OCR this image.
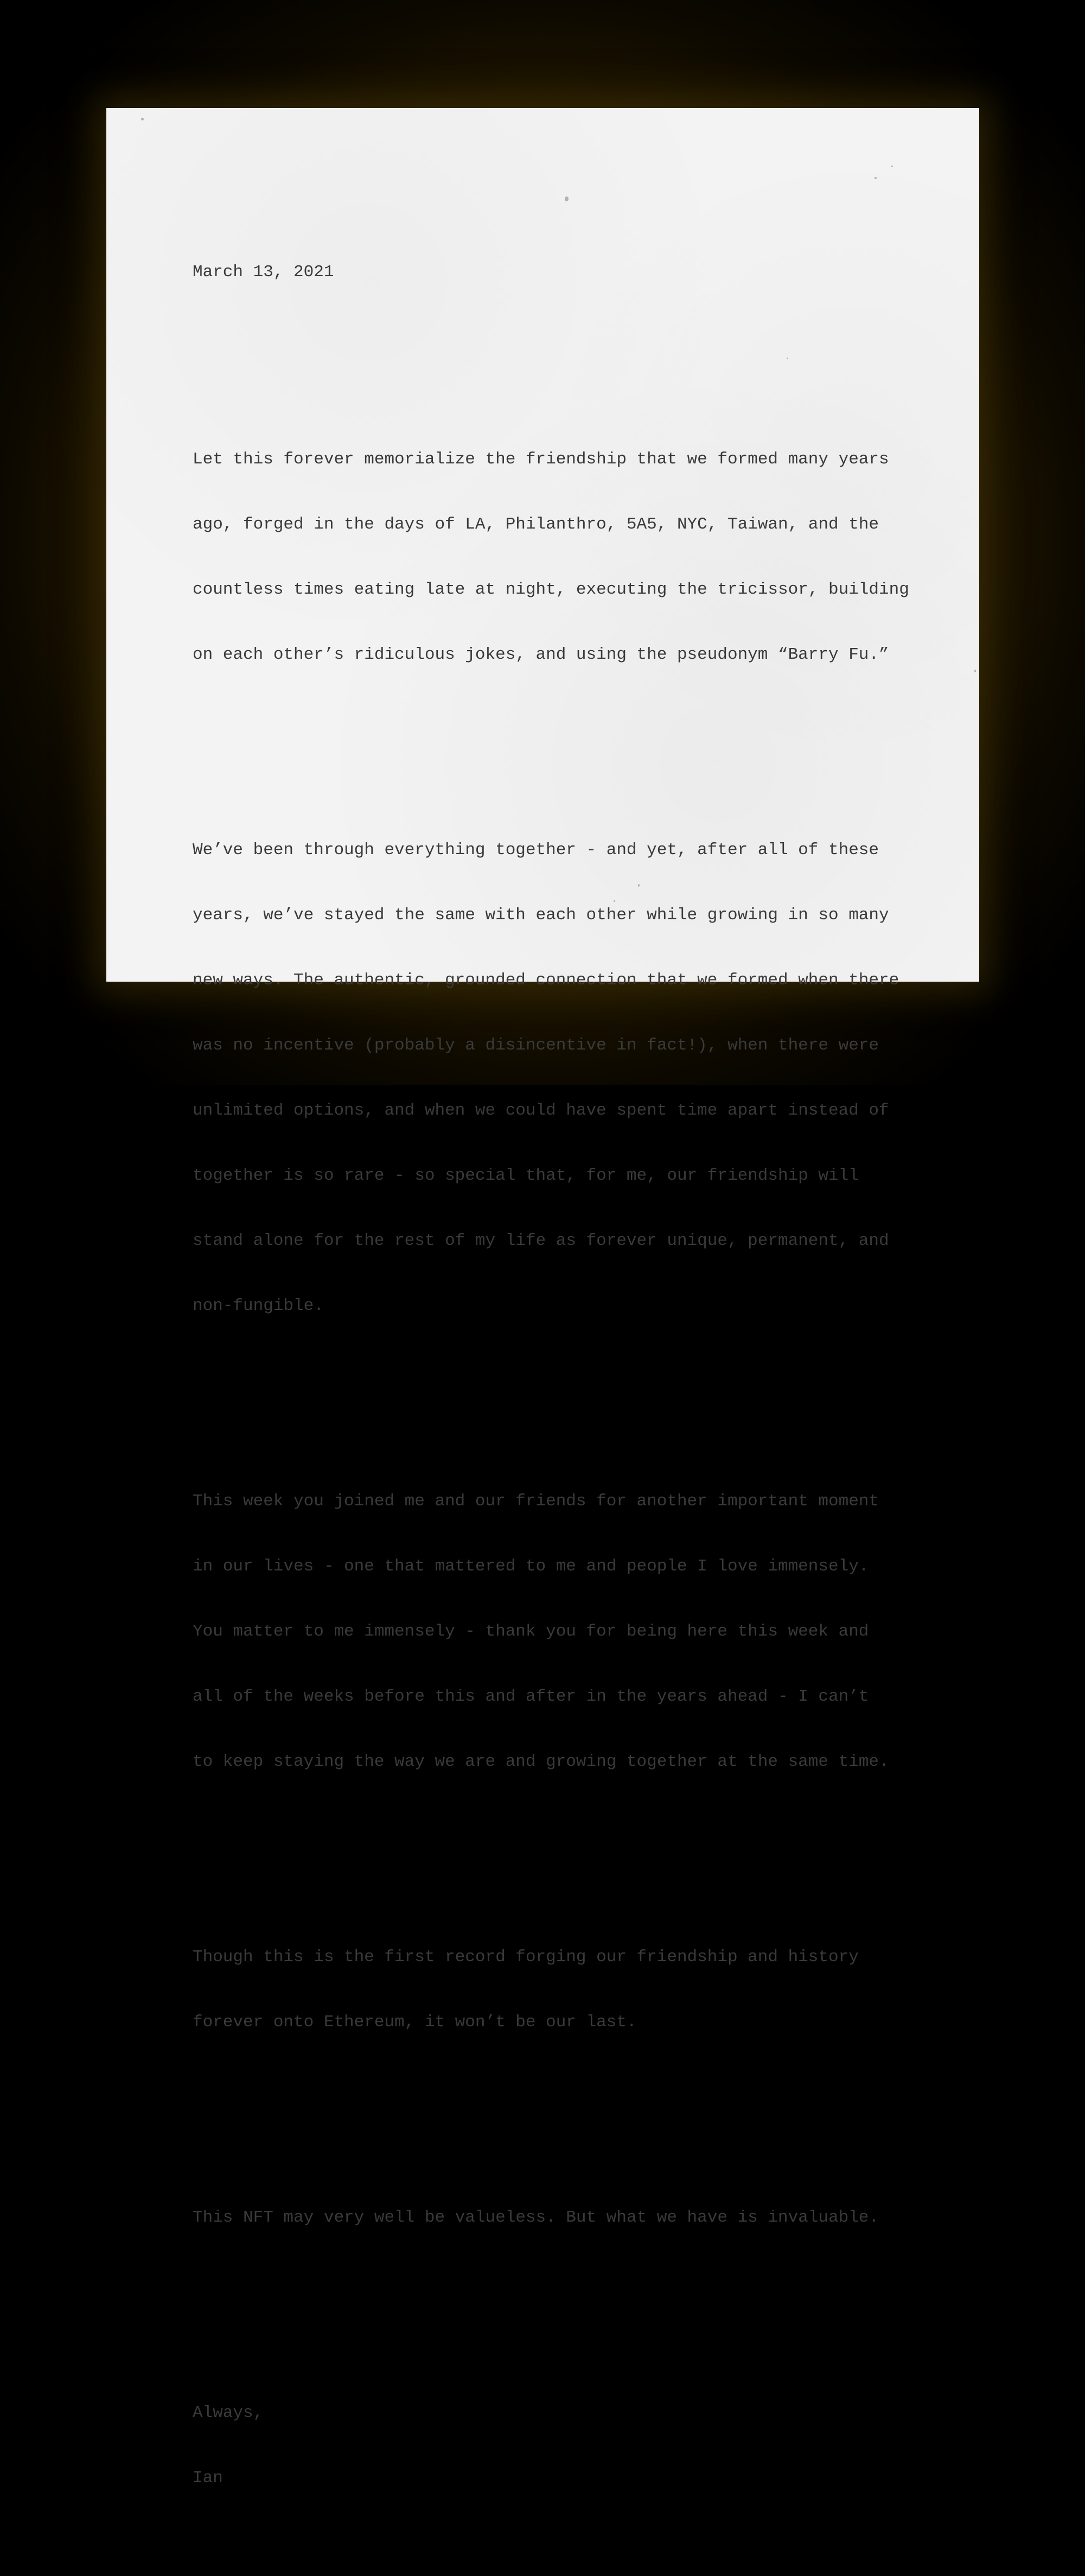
March 13, 2021

Let this forever memorialize the friendship that we formed many years

ago, forged in the days of LA, Philanthro, 5A5, NYC, Taiwan, and the

countless times eating late at night, executing the tricissor, building

on each other’s ridiculous jokes, and using the pseudonym “Barry Fu.”

We’ve been through everything together - and yet, after all of these

years, we’ve stayed the same with each other while growing in so many

new ways. The authentic, grounded connection that we formed when there

was no incentive (probably a disincentive in fact!), when there were

unlimited options, and when we could have spent time apart instead of

together is so rare - so special that, for me, our friendship will

stand alone for the rest of my life as forever unique, permanent, and

non-fungible.

This week you joined me and our friends for another important moment

in our lives - one that mattered to me and people I love immensely.

You matter to me immensely - thank you for being here this week and

all of the weeks before this and after in the years ahead - I can’t

to keep staying the way we are and growing together at the same time.

Though this is the first record forging our friendship and history

forever onto Ethereum, it won’t be our last.

This NFT may very well be valueless. But what we have is invaluable.

Always,

Ian
